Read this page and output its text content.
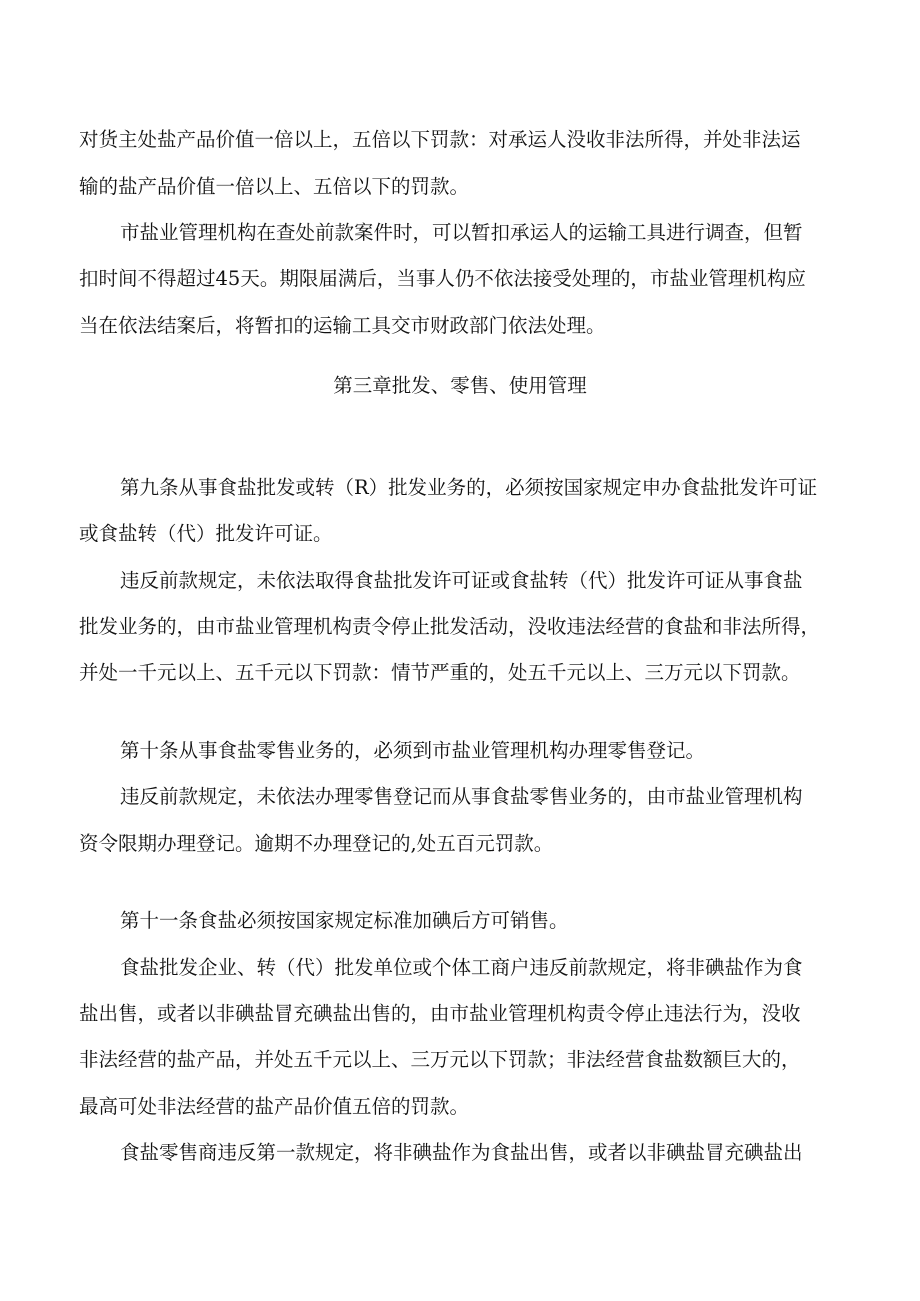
对货主处盐产品价值一倍以上，五倍以下罚款：对承运人没收非法所得，并处非法运
输的盐产品价值一倍以上、五倍以下的罚款。
市盐业管理机构在查处前款案件时，可以暂扣承运人的运输工具进行调查，但暂
扣时间不得超过45天。期限届满后，当事人仍不依法接受处理的，市盐业管理机构应
当在依法结案后，将暂扣的运输工具交市财政部门依法处理。
第三章批发、零售、使用管理
第九条从事食盐批发或转（R）批发业务的，必须按国家规定申办食盐批发许可证
或食盐转（代）批发许可证。
违反前款规定，未依法取得食盐批发许可证或食盐转（代）批发许可证从事食盐
批发业务的，由市盐业管理机构责令停止批发活动，没收违法经营的食盐和非法所得，
并处一千元以上、五千元以下罚款：情节严重的，处五千元以上、三万元以下罚款。
第十条从事食盐零售业务的，必须到市盐业管理机构办理零售登记。
违反前款规定，未依法办理零售登记而从事食盐零售业务的，由市盐业管理机构
资令限期办理登记。逾期不办理登记的,处五百元罚款。
第十一条食盐必须按国家规定标准加碘后方可销售。
食盐批发企业、转（代）批发单位或个体工商户违反前款规定，将非碘盐作为食
盐出售，或者以非碘盐冒充碘盐出售的，由市盐业管理机构责令停止违法行为，没收
非法经营的盐产品，并处五千元以上、三万元以下罚款；非法经营食盐数额巨大的，
最高可处非法经营的盐产品价值五倍的罚款。
食盐零售商违反第一款规定，将非碘盐作为食盐出售，或者以非碘盐冒充碘盐出
